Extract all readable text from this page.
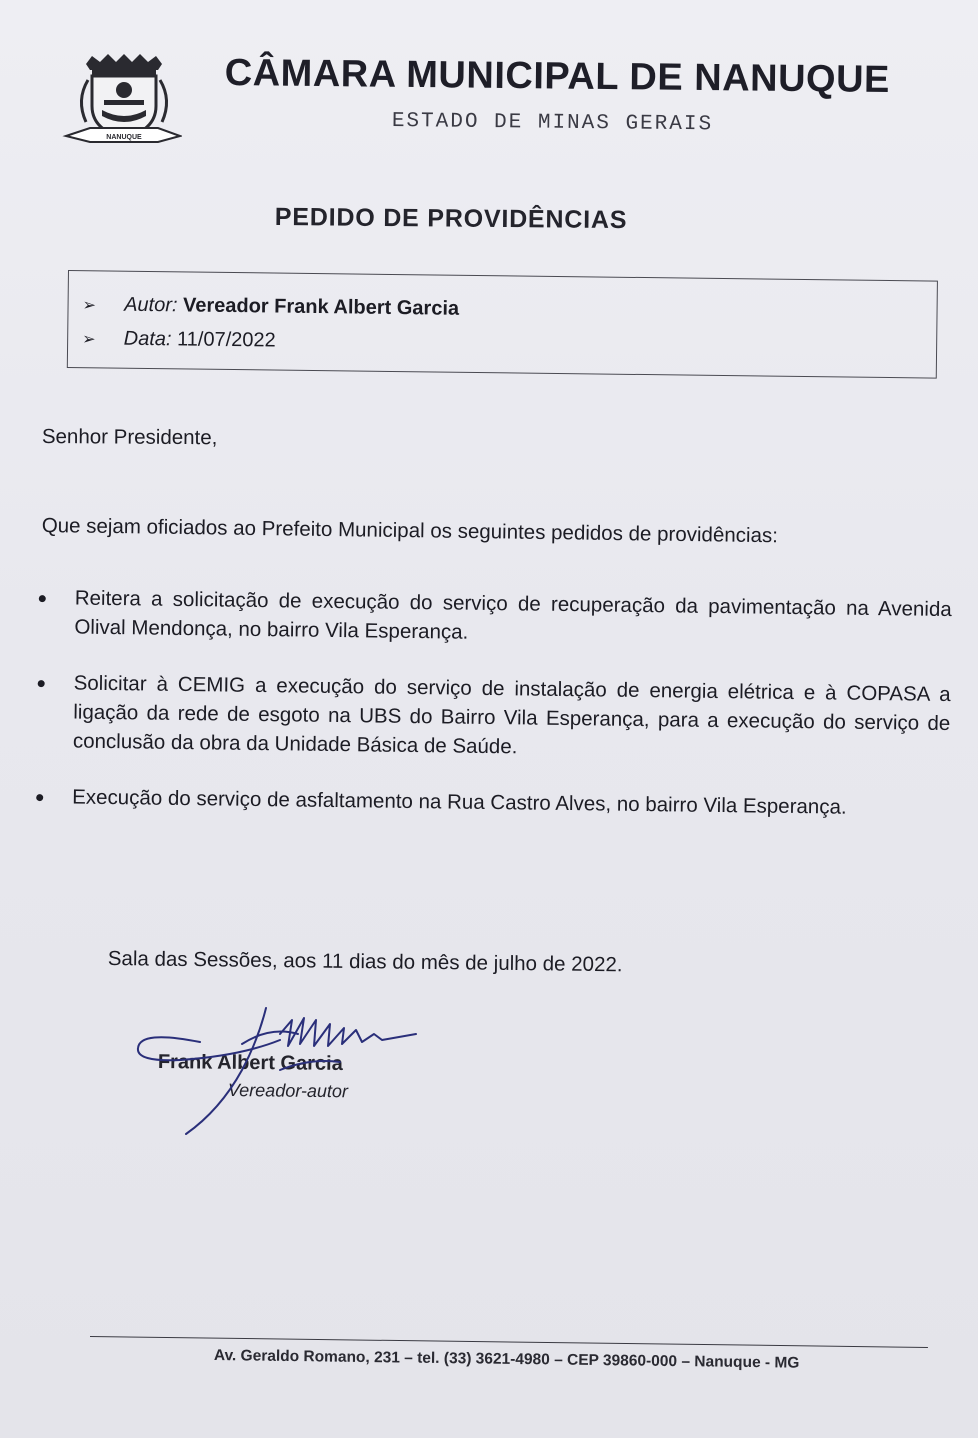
NANUQUE
CÂMARA MUNICIPAL DE NANUQUE
ESTADO DE MINAS GERAIS
PEDIDO DE PROVIDÊNCIAS
➢ Autor: Vereador Frank Albert Garcia
➢ Data: 11/07/2022
Senhor Presidente,
Que sejam oficiados ao Prefeito Municipal os seguintes pedidos de providências:
Reitera a solicitação de execução do serviço de recuperação da pavimentação na Avenida Olival Mendonça, no bairro Vila Esperança.
Solicitar à CEMIG a execução do serviço de instalação de energia elétrica e à COPASA a ligação da rede de esgoto na UBS do Bairro Vila Esperança, para a execução do serviço de conclusão da obra da Unidade Básica de Saúde.
Execução do serviço de asfaltamento na Rua Castro Alves, no bairro Vila Esperança.
Sala das Sessões, aos 11 dias do mês de julho de 2022.
Frank Albert Garcia
Vereador-autor
Av. Geraldo Romano, 231 – tel. (33) 3621-4980 – CEP 39860-000 – Nanuque - MG
